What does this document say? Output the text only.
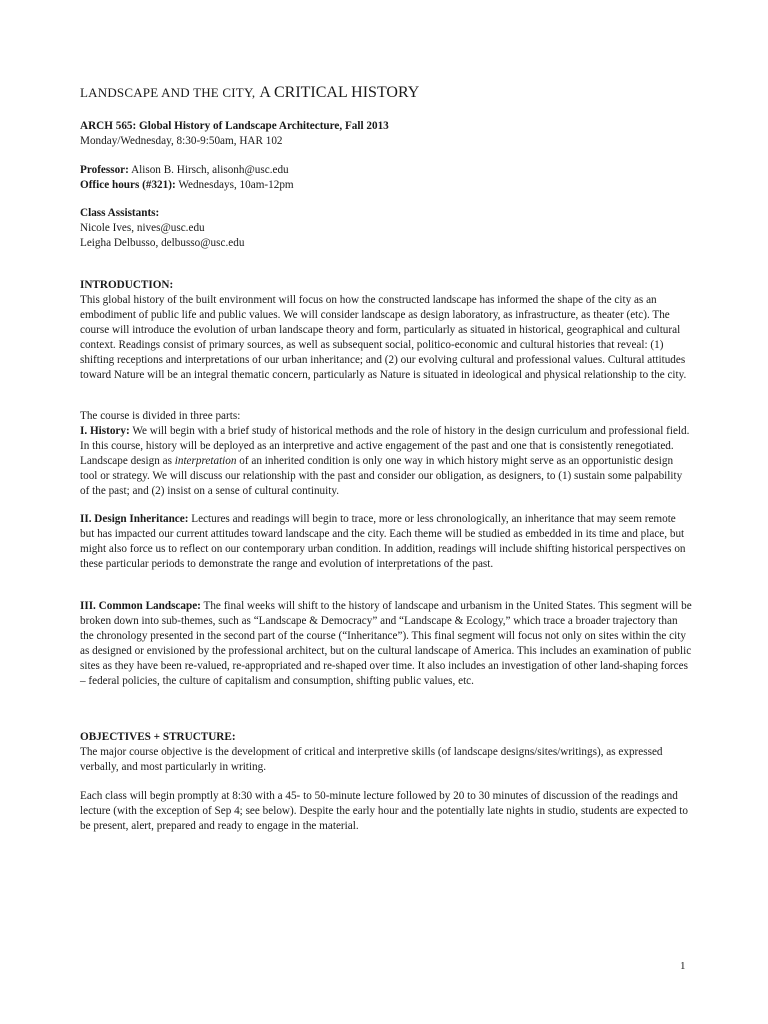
LANDSCAPE AND THE CITY, A CRITICAL HISTORY

ARCH 565: Global History of Landscape Architecture, Fall 2013

Monday/Wednesday, 8:30-9:50am, HAR 102

Professor: Alison B. Hirsch, alisonh@usc.edu

Office hours (#321): Wednesdays, 10am-12pm

Class Assistants:

Nicole Ives, nives@usc.edu

Leigha Delbusso, delbusso@usc.edu

INTRODUCTION:

This global history of the built environment will focus on how the constructed landscape has informed the shape of the city as an embodiment of public life and public values. We will consider landscape as design laboratory, as infrastructure, as theater (etc). The course will introduce the evolution of urban landscape theory and form, particularly as situated in historical, geographical and cultural context. Readings consist of primary sources, as well as subsequent social, politico-economic and cultural histories that reveal: (1) shifting receptions and interpretations of our urban inheritance; and (2) our evolving cultural and professional values. Cultural attitudes toward Nature will be an integral thematic concern, particularly as Nature is situated in ideological and physical relationship to the city.

The course is divided in three parts:

I. History: We will begin with a brief study of historical methods and the role of history in the design curriculum and professional field. In this course, history will be deployed as an interpretive and active engagement of the past and one that is consistently renegotiated. Landscape design as interpretation of an inherited condition is only one way in which history might serve as an opportunistic design tool or strategy. We will discuss our relationship with the past and consider our obligation, as designers, to (1) sustain some palpability of the past; and (2) insist on a sense of cultural continuity.

II. Design Inheritance: Lectures and readings will begin to trace, more or less chronologically, an inheritance that may seem remote but has impacted our current attitudes toward landscape and the city. Each theme will be studied as embedded in its time and place, but might also force us to reflect on our contemporary urban condition. In addition, readings will include shifting historical perspectives on these particular periods to demonstrate the range and evolution of interpretations of the past.

III. Common Landscape: The final weeks will shift to the history of landscape and urbanism in the United States. This segment will be broken down into sub-themes, such as “Landscape & Democracy” and “Landscape & Ecology,” which trace a broader trajectory than the chronology presented in the second part of the course (“Inheritance”). This final segment will focus not only on sites within the city as designed or envisioned by the professional architect, but on the cultural landscape of America. This includes an examination of public sites as they have been re-valued, re-appropriated and re-shaped over time. It also includes an investigation of other land-shaping forces – federal policies, the culture of capitalism and consumption, shifting public values, etc.

OBJECTIVES + STRUCTURE:

The major course objective is the development of critical and interpretive skills (of landscape designs/sites/writings), as expressed verbally, and most particularly in writing.

Each class will begin promptly at 8:30 with a 45- to 50-minute lecture followed by 20 to 30 minutes of discussion of the readings and lecture (with the exception of Sep 4; see below). Despite the early hour and the potentially late nights in studio, students are expected to be present, alert, prepared and ready to engage in the material.

1
